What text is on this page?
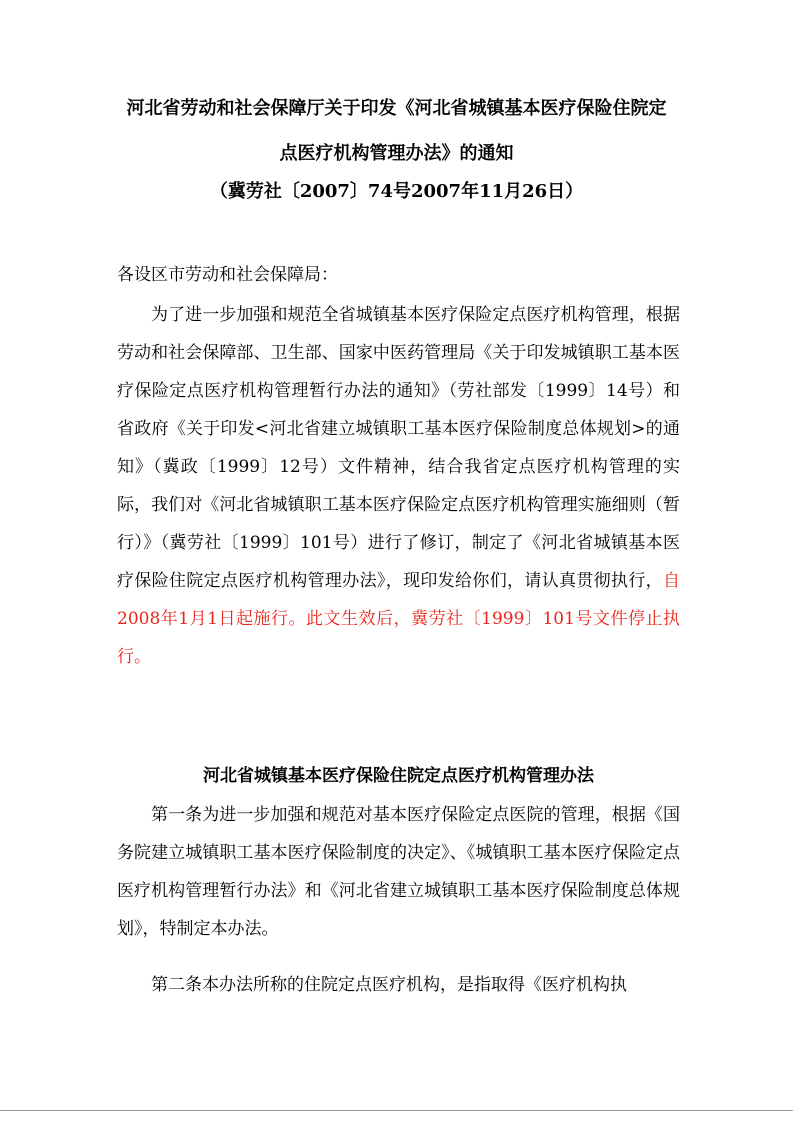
河北省劳动和社会保障厅关于印发《河北省城镇基本医疗保险住院定
点医疗机构管理办法》的通知
（冀劳社〔2007〕74号2007年11月26日）
各设区市劳动和社会保障局：
为了进一步加强和规范全省城镇基本医疗保险定点医疗机构管理，根据劳动和社会保障部、卫生部、国家中医药管理局《关于印发城镇职工基本医疗保险定点医疗机构管理暂行办法的通知》（劳社部发〔1999〕14号）和省政府《关于印发<河北省建立城镇职工基本医疗保险制度总体规划>的通知》（冀政〔1999〕12号）文件精神，结合我省定点医疗机构管理的实际，我们对《河北省城镇职工基本医疗保险定点医疗机构管理实施细则（暂行）》（冀劳社〔1999〕101号）进行了修订，制定了《河北省城镇基本医疗保险住院定点医疗机构管理办法》，现印发给你们，请认真贯彻执行，自2008年1月1日起施行。此文生效后，冀劳社〔1999〕101号文件停止执行。
河北省城镇基本医疗保险住院定点医疗机构管理办法
第一条为进一步加强和规范对基本医疗保险定点医院的管理，根据《国务院建立城镇职工基本医疗保险制度的决定》、《城镇职工基本医疗保险定点医疗机构管理暂行办法》和《河北省建立城镇职工基本医疗保险制度总体规划》，特制定本办法。
第二条本办法所称的住院定点医疗机构，是指取得《医疗机构执
